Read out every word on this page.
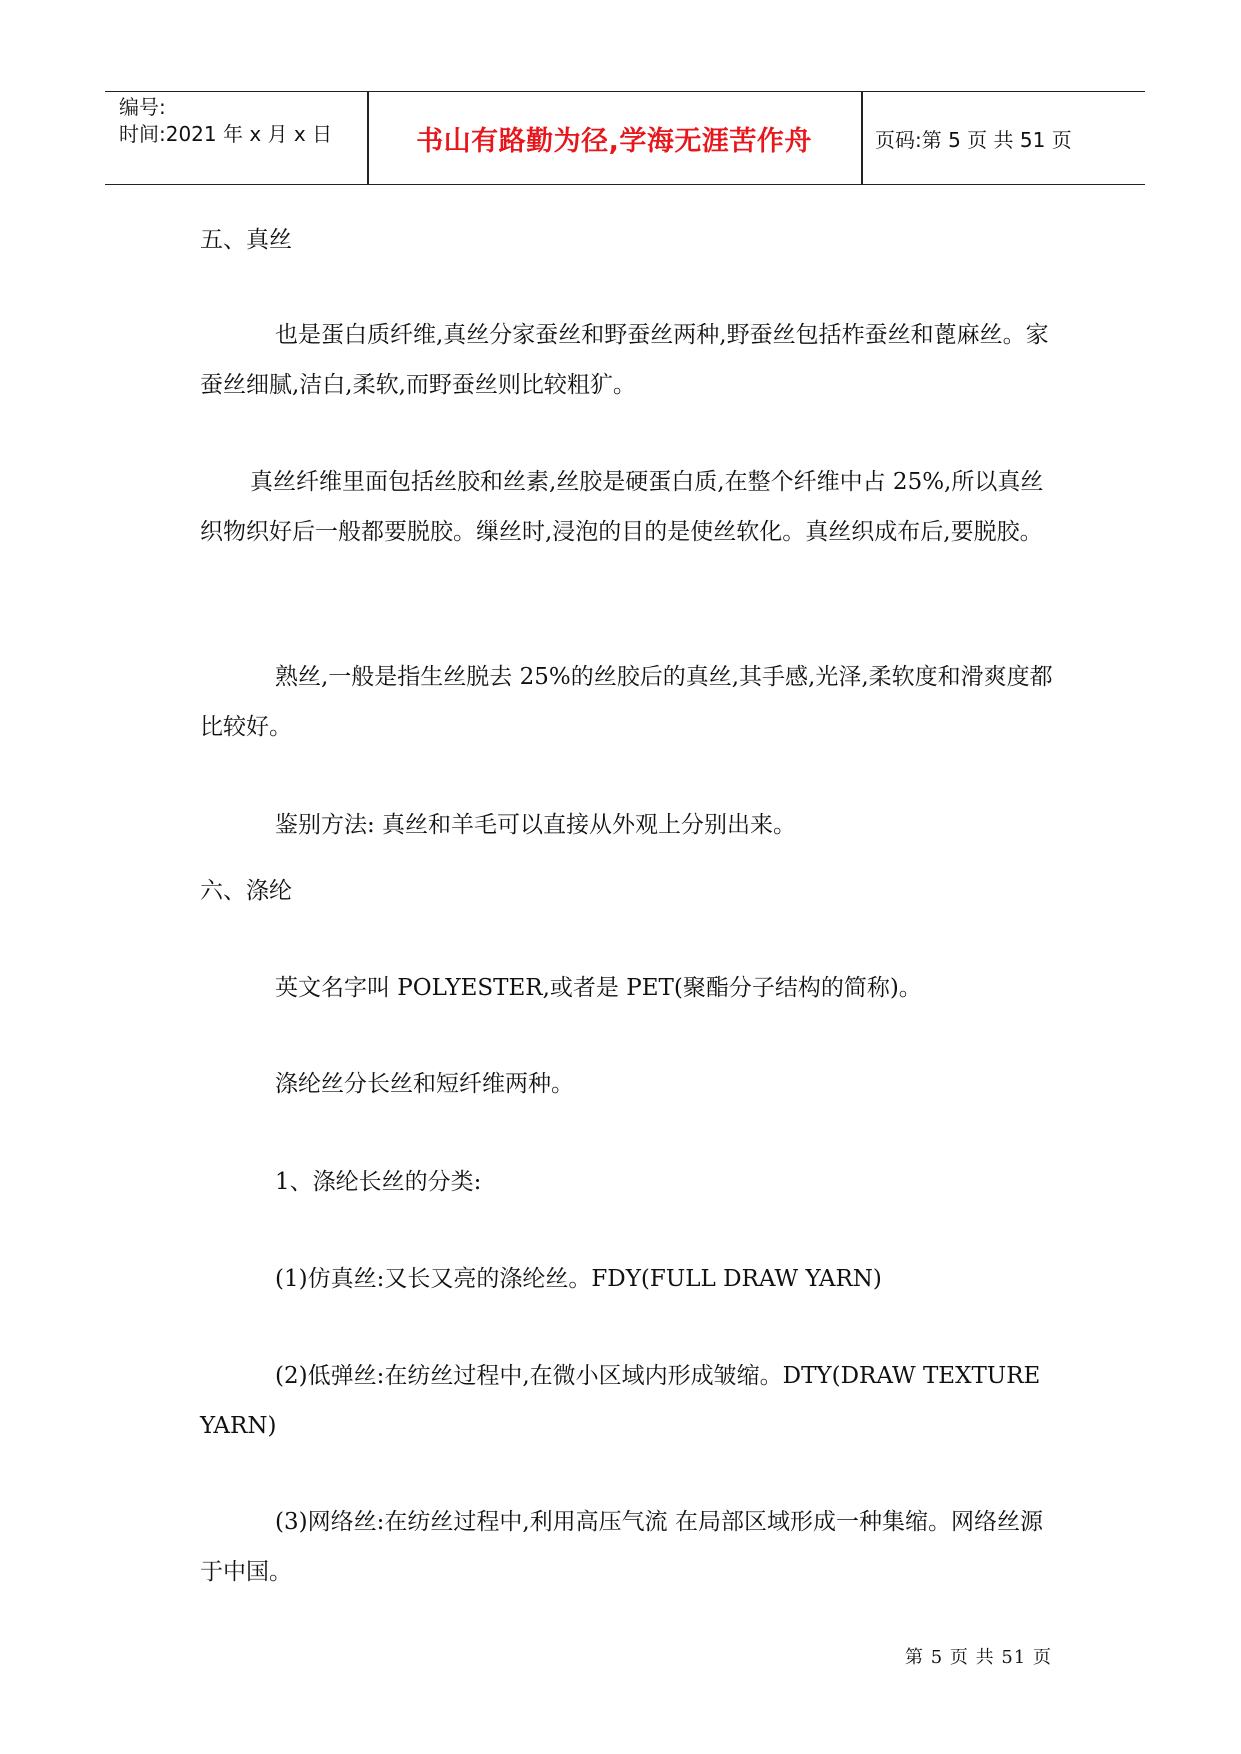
编号:
时间:2021 年 x 月 x 日	书山有路勤为径,学海无涯苦作舟	页码:第 5 页 共 51 页

五、真丝

也是蛋白质纤维,真丝分家蚕丝和野蚕丝两种,野蚕丝包括柞蚕丝和蓖麻丝。家蚕丝细腻,洁白,柔软,而野蚕丝则比较粗犷。

真丝纤维里面包括丝胶和丝素,丝胶是硬蛋白质,在整个纤维中占 25%,所以真丝织物织好后一般都要脱胶。缫丝时,浸泡的目的是使丝软化。真丝织成布后,要脱胶。

熟丝,一般是指生丝脱去 25%的丝胶后的真丝,其手感,光泽,柔软度和滑爽度都比较好。

鉴别方法: 真丝和羊毛可以直接从外观上分别出来。

六、涤纶

英文名字叫 POLYESTER,或者是 PET(聚酯分子结构的简称)。

涤纶丝分长丝和短纤维两种。

1、涤纶长丝的分类:

(1)仿真丝:又长又亮的涤纶丝。FDY(FULL DRAW YARN)

(2)低弹丝:在纺丝过程中,在微小区域内形成皱缩。DTY(DRAW TEXTURE YARN)

(3)网络丝:在纺丝过程中,利用高压气流 在局部区域形成一种集缩。网络丝源于中国。

第 5 页 共 51 页
